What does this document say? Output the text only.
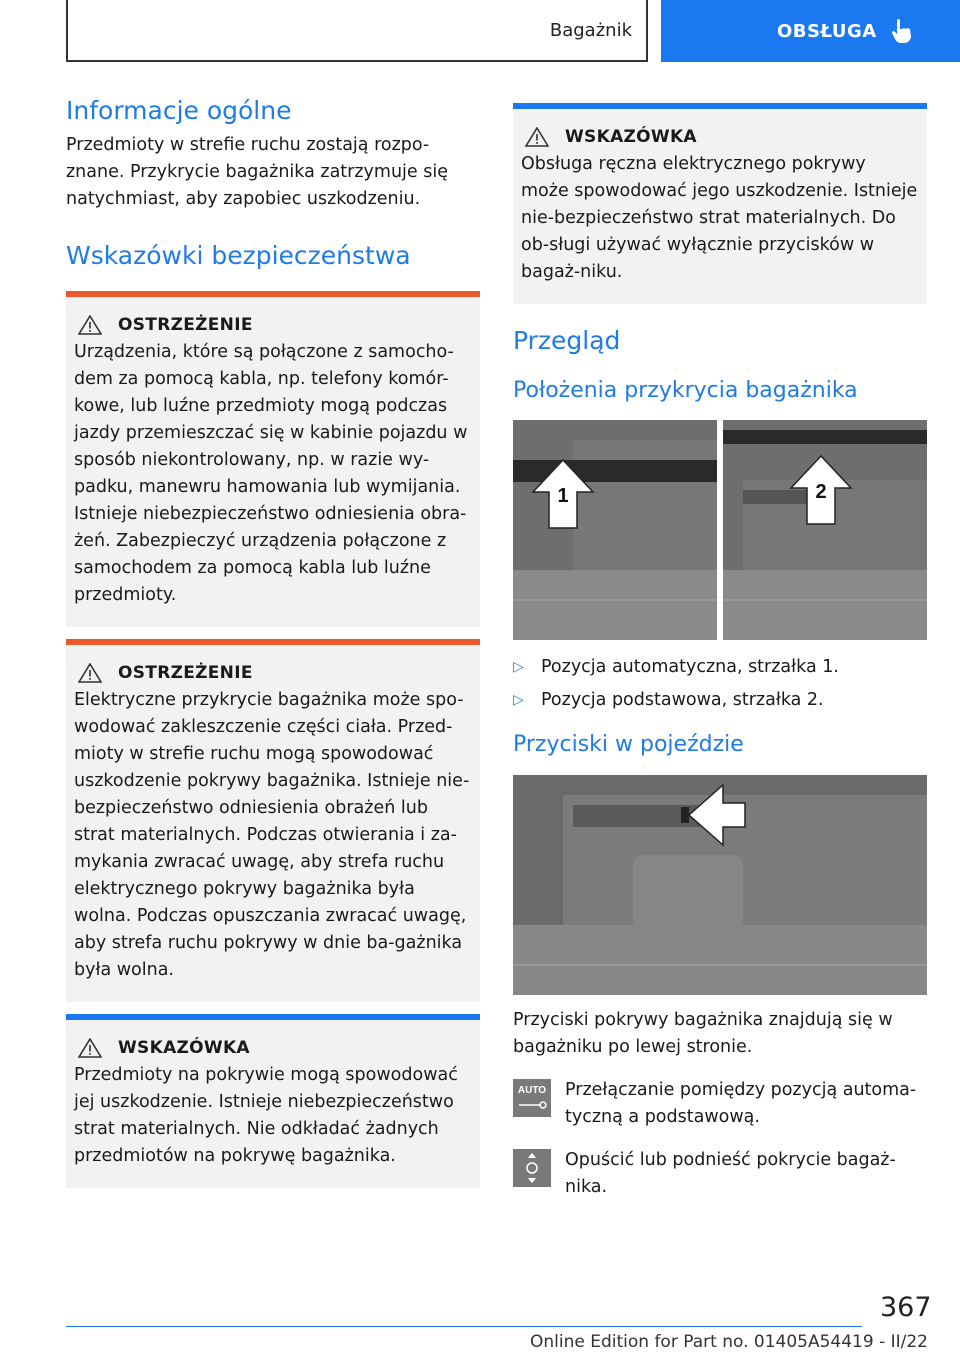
Bagażnik	OBSŁUGA
Informacje ogólne

Przedmioty w strefie ruchu zostają rozpo-znane. Przykrycie bagażnika zatrzymuje się natychmiast, aby zapobiec uszkodzeniu.

Wskazówki bezpieczeństwa
OSTRZEŻENIE

Urządzenia, które są połączone z samocho-dem za pomocą kabla, np. telefony komór-kowe, lub luźne przedmioty mogą podczas jazdy przemieszczać się w kabinie pojazdu w sposób niekontrolowany, np. w razie wy-padku, manewru hamowania lub wymijania. Istnieje niebezpieczeństwo odniesienia obra-żeń. Zabezpieczyć urządzenia połączone z samochodem za pomocą kabla lub luźne przedmioty.

OSTRZEŻENIE

Elektryczne przykrycie bagażnika może spo-wodować zakleszczenie części ciała. Przed-mioty w strefie ruchu mogą spowodować uszkodzenie pokrywy bagażnika. Istnieje nie-bezpieczeństwo odniesienia obrażeń lub strat materialnych. Podczas otwierania i za-mykania zwracać uwagę, aby strefa ruchu elektrycznego pokrywy bagażnika była wolna. Podczas opuszczania zwracać uwagę, aby strefa ruchu pokrywy w dnie ba-gażnika była wolna.

WSKAZÓWKA

Przedmioty na pokrywie mogą spowodować jej uszkodzenie. Istnieje niebezpieczeństwo strat materialnych. Nie odkładać żadnych przedmiotów na pokrywę bagażnika.

WSKAZÓWKA

Obsługa ręczna elektrycznego pokrywy może spowodować jego uszkodzenie. Istnieje nie-bezpieczeństwo strat materialnych. Do ob-sługi używać wyłącznie przycisków w bagaż-niku.

Przegląd
Położenia przykrycia bagażnika
1	2
▷ Pozycja automatyczna, strzałka 1.
▷ Pozycja podstawowa, strzałka 2.
Przyciski w pojeździe

Przyciski pokrywy bagażnika znajdują się w bagażniku po lewej stronie.

AUTO Przełączanie pomiędzy pozycją automa-tyczną a podstawową.

Opuścić lub podnieść pokrycie bagaż-nika.

367
Online Edition for Part no. 01405A54419 - II/22
